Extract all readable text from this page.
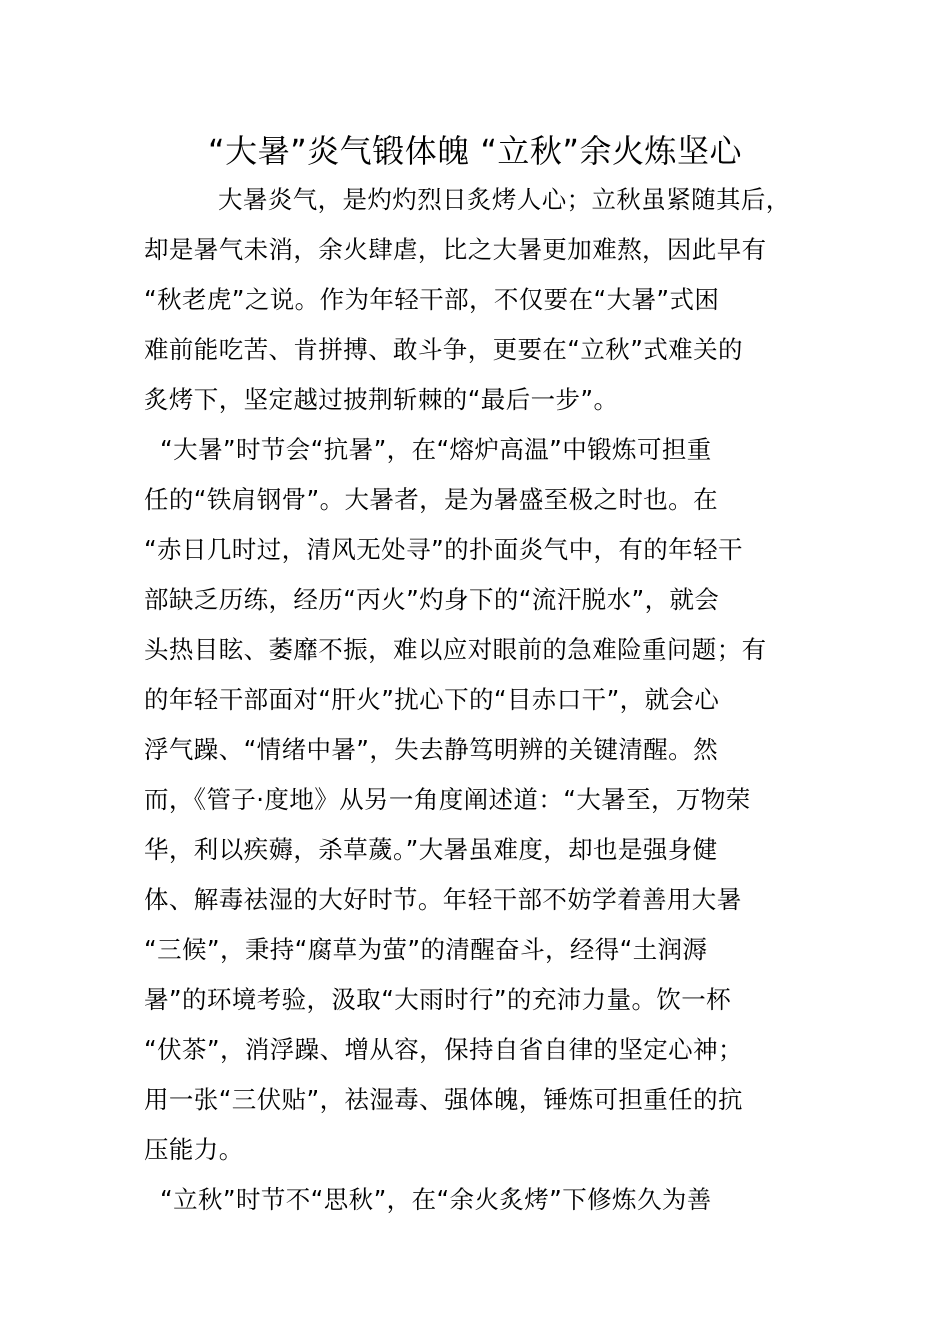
“大暑”炎气锻体魄 “立秋”余火炼坚心
大暑炎气，是灼灼烈日炙烤人心；立秋虽紧随其后，
却是暑气未消，余火肆虐，比之大暑更加难熬，因此早有
“秋老虎”之说。作为年轻干部，不仅要在“大暑”式困
难前能吃苦、肯拼搏、敢斗争，更要在“立秋”式难关的
炙烤下，坚定越过披荆斩棘的“最后一步”。
“大暑”时节会“抗暑”，在“熔炉高温”中锻炼可担重
任的“铁肩钢骨”。大暑者，是为暑盛至极之时也。在
“赤日几时过，清风无处寻”的扑面炎气中，有的年轻干
部缺乏历练，经历“丙火”灼身下的“流汗脱水”，就会
头热目眩、萎靡不振，难以应对眼前的急难险重问题；有
的年轻干部面对“肝火”扰心下的“目赤口干”，就会心
浮气躁、“情绪中暑”，失去静笃明辨的关键清醒。然
而，《管子·度地》从另一角度阐述道：“大暑至，万物荣
华，利以疾薅，杀草薉。”大暑虽难度，却也是强身健
体、解毒祛湿的大好时节。年轻干部不妨学着善用大暑
“三候”，秉持“腐草为萤”的清醒奋斗，经得“土润溽
暑”的环境考验，汲取“大雨时行”的充沛力量。饮一杯
“伏茶”，消浮躁、增从容，保持自省自律的坚定心神；
用一张“三伏贴”，祛湿毒、强体魄，锤炼可担重任的抗
压能力。
“立秋”时节不“思秋”，在“余火炙烤”下修炼久为善
